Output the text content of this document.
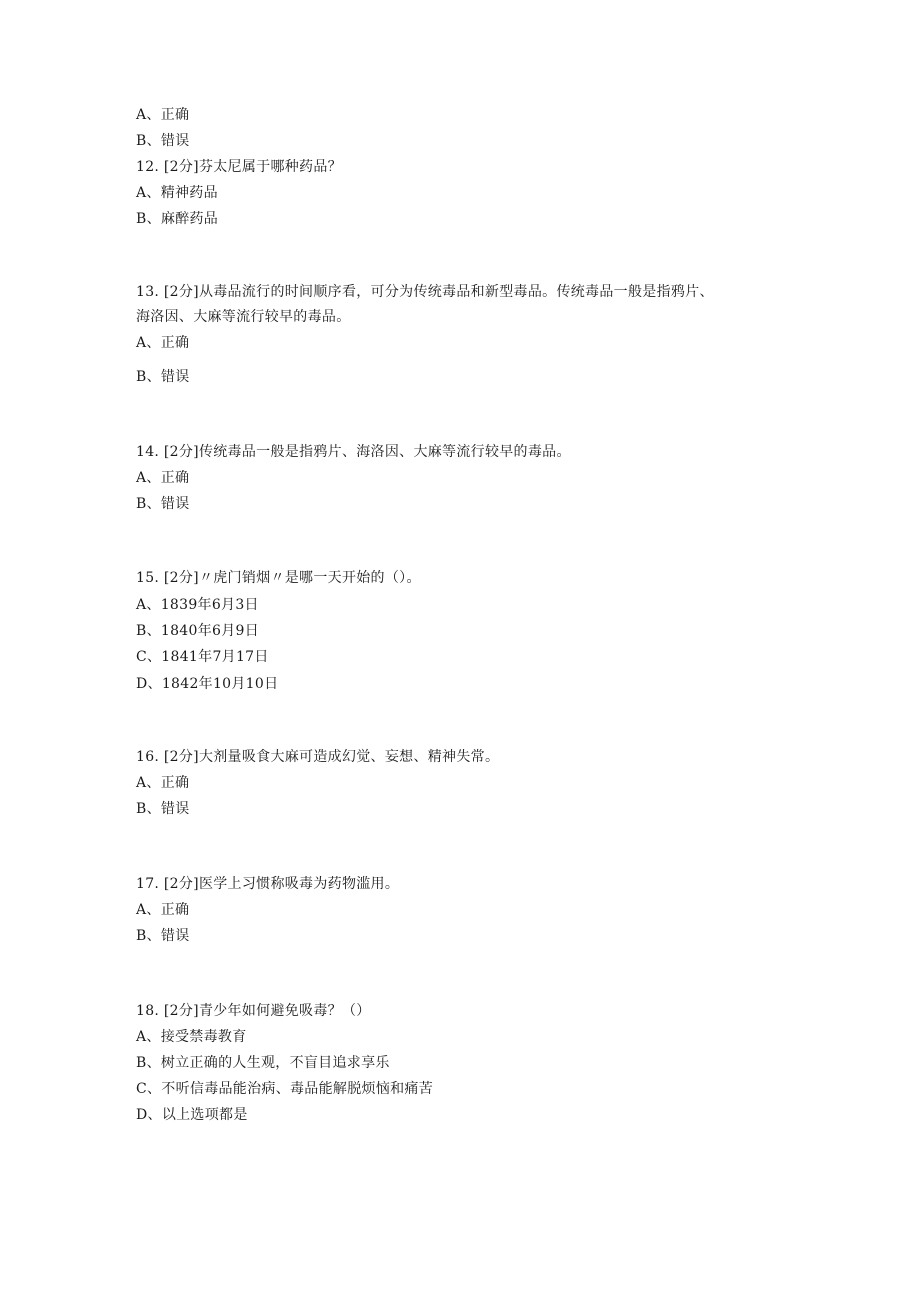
A、正确
B、错误
12. [2分]芬太尼属于哪种药品？
A、精神药品
B、麻醉药品
13. [2分]从毒品流行的时间顺序看，可分为传统毒品和新型毒品。传统毒品一般是指鸦片、
海洛因、大麻等流行较早的毒品。
A、正确
B、错误
14. [2分]传统毒品一般是指鸦片、海洛因、大麻等流行较早的毒品。
A、正确
B、错误
15. [2分]〃虎门销烟〃是哪一天开始的（）。
A、1839年6月3日
B、1840年6月9日
C、1841年7月17日
D、1842年10月10日
16. [2分]大剂量吸食大麻可造成幻觉、妄想、精神失常。
A、正确
B、错误
17. [2分]医学上习惯称吸毒为药物滥用。
A、正确
B、错误
18. [2分]青少年如何避免吸毒？（）
A、接受禁毒教育
B、树立正确的人生观，不盲目追求享乐
C、不听信毒品能治病、毒品能解脱烦恼和痛苦
D、以上选项都是
